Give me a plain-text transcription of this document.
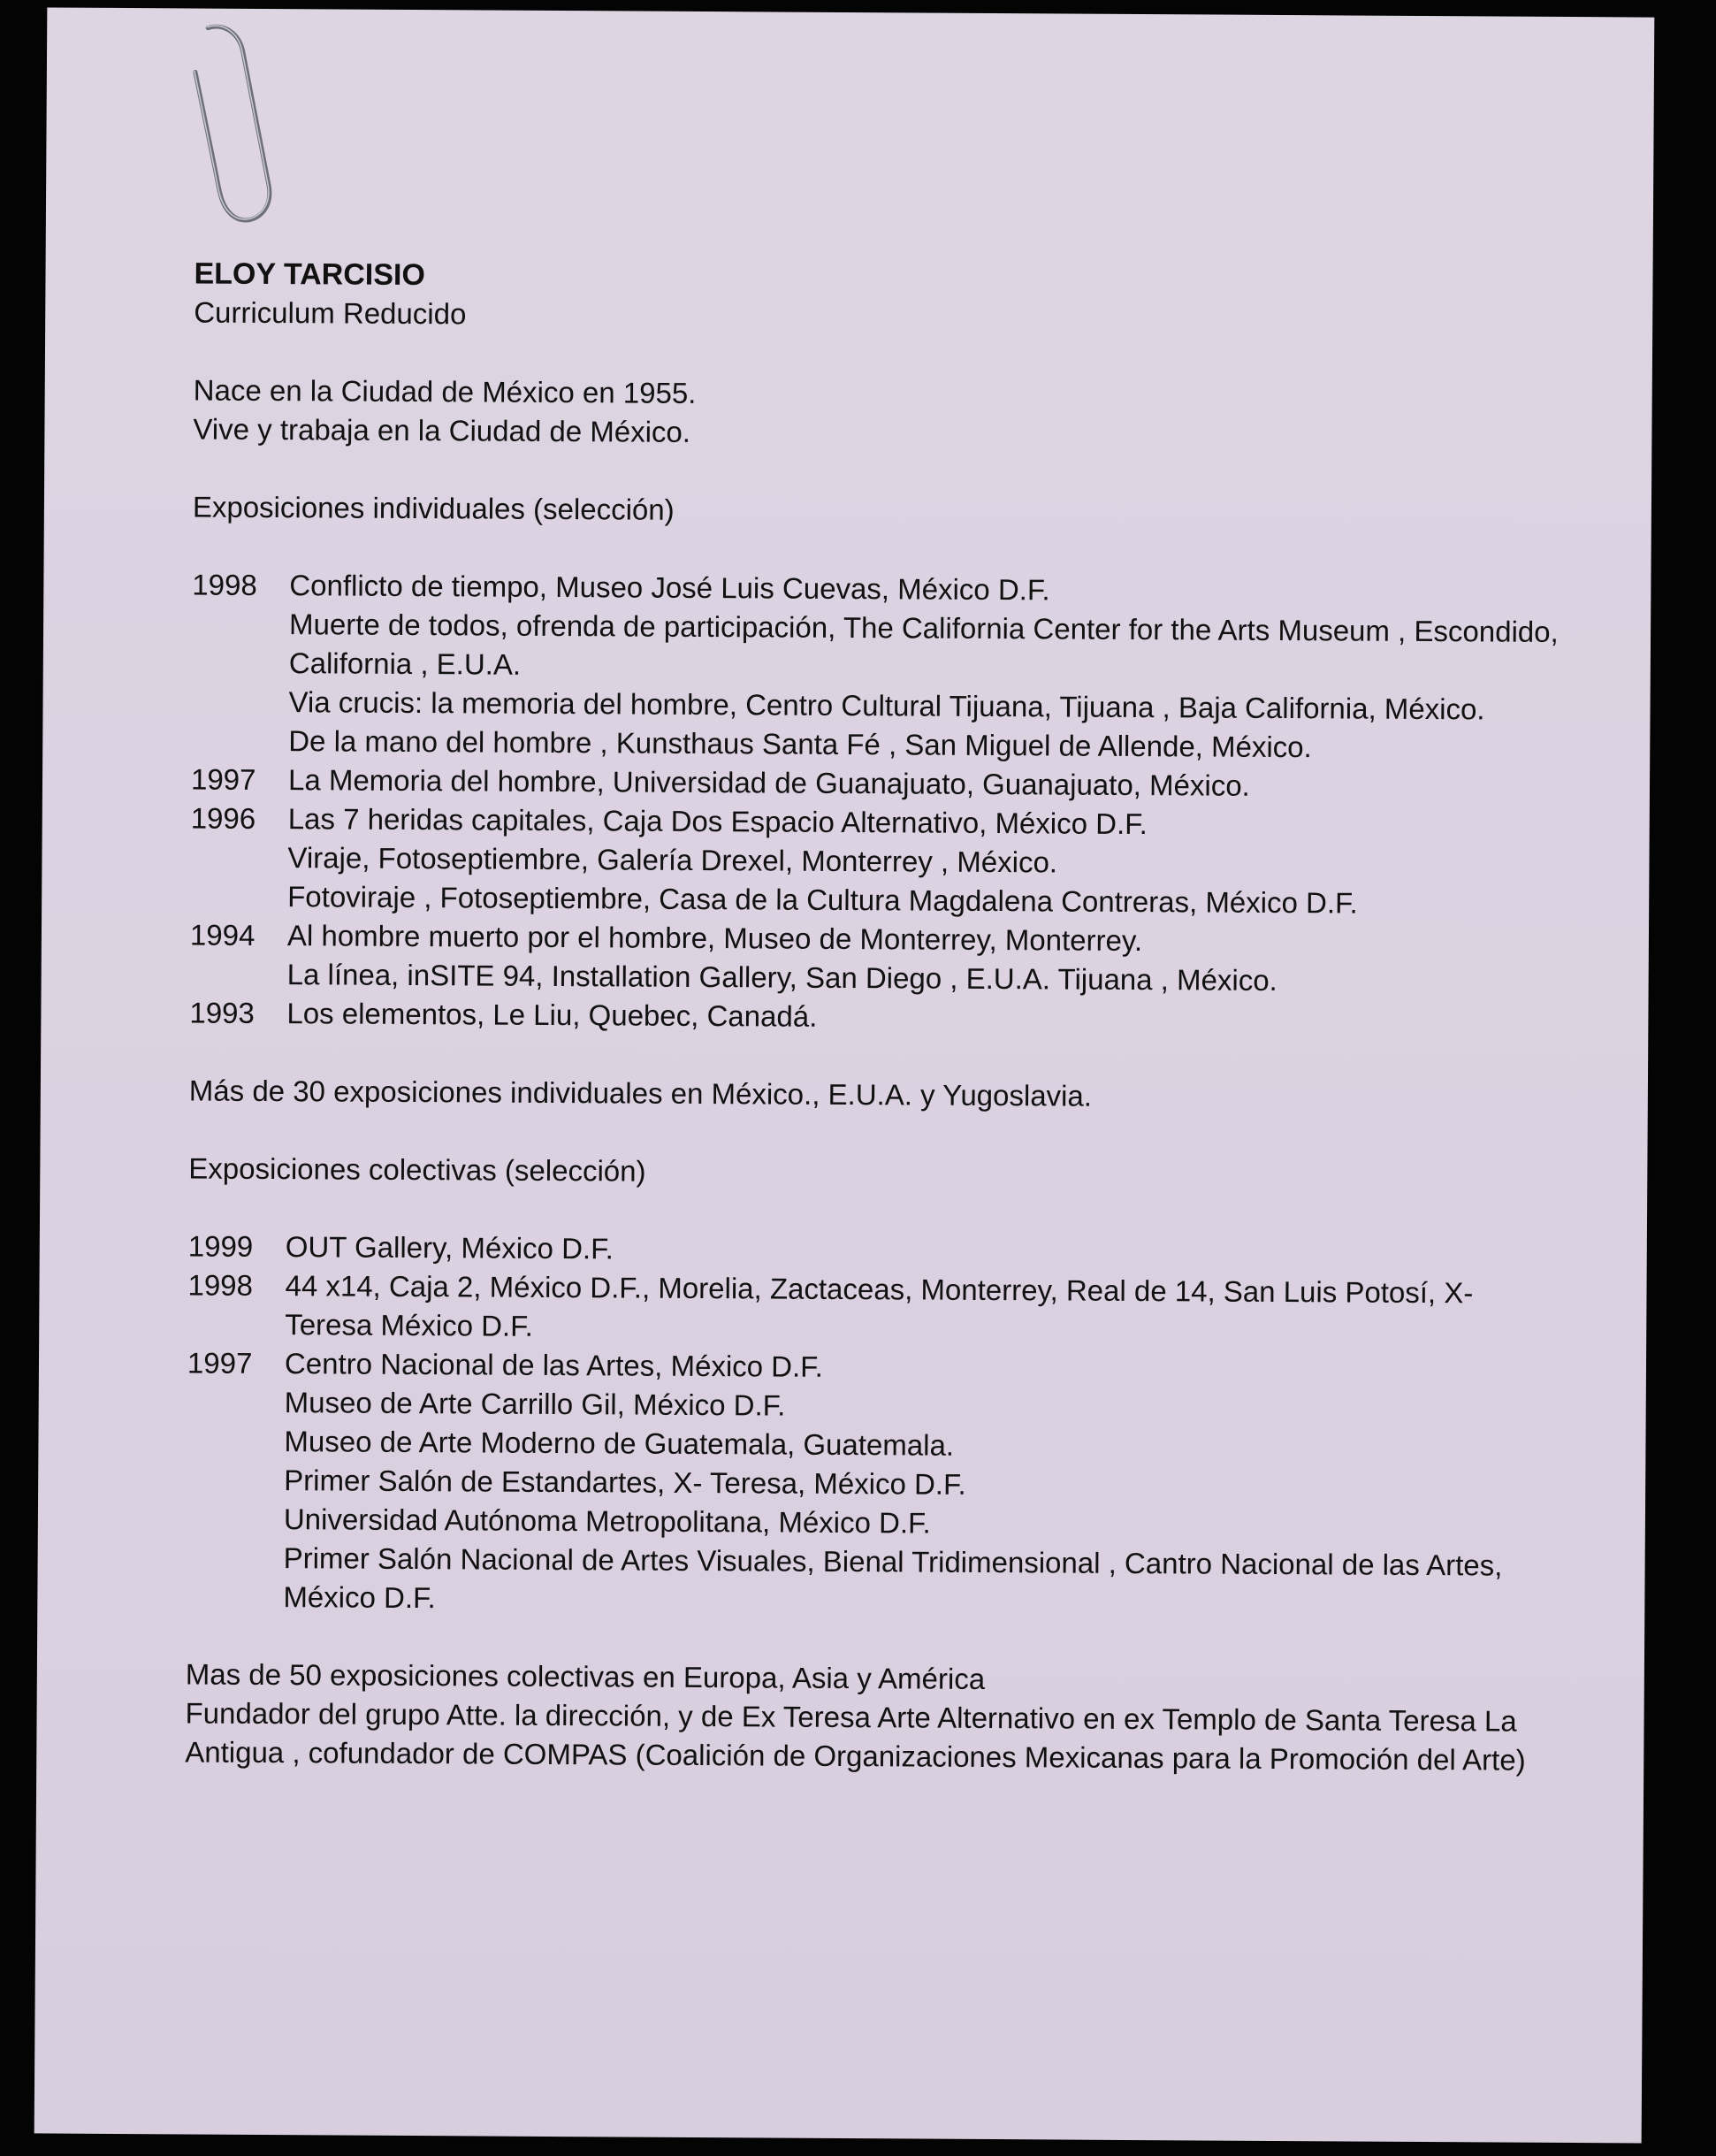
ELOY TARCISIO
Curriculum Reducido
Nace en la Ciudad de México en 1955.
Vive y trabaja en la Ciudad de México.
Exposiciones individuales (selección)
1998	Conflicto de tiempo, Museo José Luis Cuevas, México D.F.
Muerte de todos, ofrenda de participación, The California Center for the Arts Museum , Escondido, California , E.U.A.
Via crucis: la memoria del hombre, Centro Cultural Tijuana, Tijuana , Baja California, México.
De la mano del hombre , Kunsthaus Santa Fé , San Miguel de Allende, México.
1997	La Memoria del hombre, Universidad de Guanajuato, Guanajuato, México.
1996	Las 7 heridas capitales, Caja Dos Espacio Alternativo, México D.F.
Viraje, Fotoseptiembre, Galería Drexel, Monterrey , México.
Fotoviraje , Fotoseptiembre, Casa de la Cultura Magdalena Contreras, México D.F.
1994	Al hombre muerto por el hombre, Museo de Monterrey, Monterrey.
La línea, inSITE 94, Installation Gallery, San Diego , E.U.A. Tijuana , México.
1993	Los elementos, Le Liu, Quebec, Canadá.
Más de 30 exposiciones individuales en México., E.U.A. y Yugoslavia.
Exposiciones colectivas (selección)
1999	OUT Gallery, México D.F.
1998	44 x14, Caja 2, México D.F., Morelia, Zactaceas, Monterrey, Real de 14, San Luis Potosí, X- Teresa México D.F.
1997	Centro Nacional de las Artes, México D.F.
Museo de Arte Carrillo Gil, México D.F.
Museo de Arte Moderno de Guatemala, Guatemala.
Primer Salón de Estandartes, X- Teresa, México D.F.
Universidad Autónoma Metropolitana, México D.F.
Primer Salón Nacional de Artes Visuales, Bienal Tridimensional , Cantro Nacional de las Artes, México D.F.
Mas de 50 exposiciones colectivas en Europa, Asia y América
Fundador del grupo Atte. la dirección, y de Ex Teresa Arte Alternativo en ex Templo de Santa Teresa La Antigua , cofundador de COMPAS (Coalición de Organizaciones Mexicanas para la Promoción del Arte)
